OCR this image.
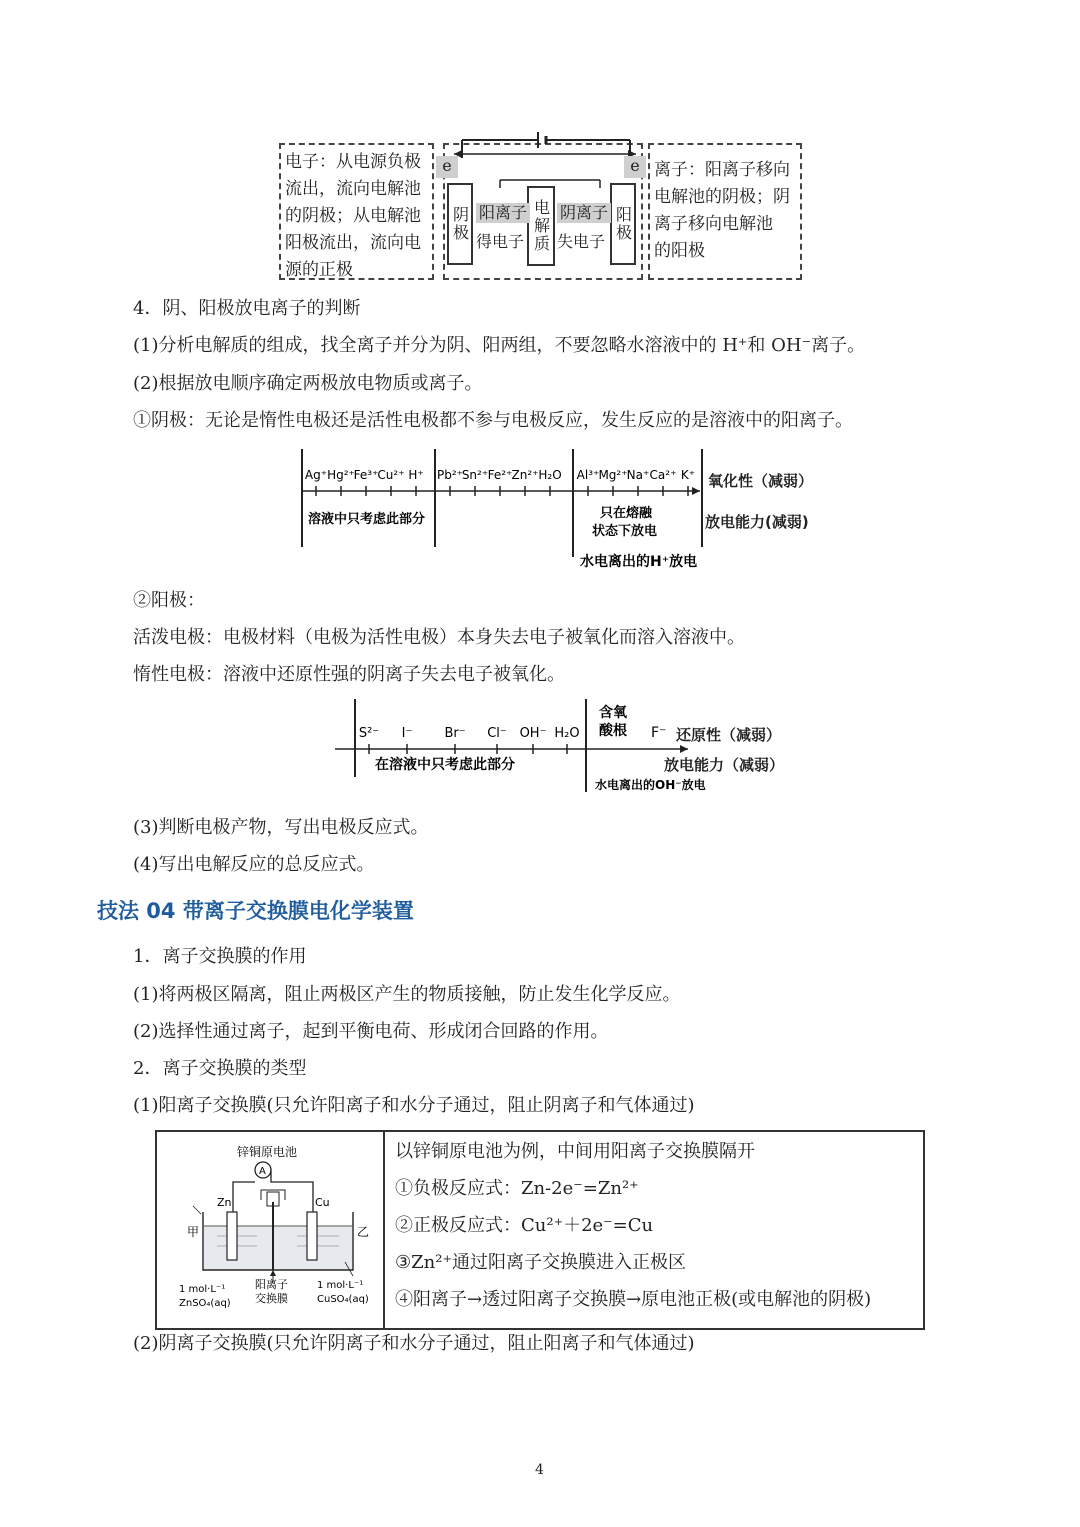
电子：从电源负极
流出，流向电解池
的阴极；从电解池
阳极流出，流向电
源的正极
离子：阳离子移向
电解池的阴极；阴
离子移向电解池
的阳极
e	e
阴极	电解质	阳极
阳离子 阴离子
得电子 失电子
4．阴、阳极放电离子的判断
(1)分析电解质的组成，找全离子并分为阴、阳两组，不要忽略水溶液中的 H⁺和 OH⁻离子。
(2)根据放电顺序确定两极放电物质或离子。
①阴极：无论是惰性电极还是活性电极都不参与电极反应，发生反应的是溶液中的阳离子。
Ag⁺ Hg²⁺
Fe³⁺ Cu²⁺ H⁺ Pb²⁺
Sn²⁺ Fe²⁺ Zn²⁺ H₂O Al³⁺ Mg²⁺ Na⁺ Ca²⁺ K⁺
溶液中只考虑此部分	只在熔融
状态下放电
水电离出的H⁺放电
氧化性（减弱）
放电能力(减弱)
②阳极：
活泼电极：电极材料（电极为活性电极）本身失去电子被氧化而溶入溶液中。
惰性电极：溶液中还原性强的阴离子失去电子被氧化。
S²⁻ I⁻ Br⁻ Cl⁻ OH⁻ H₂O
含氧
酸根 F⁻
在溶液中只考虑此部分
水电离出的OH⁻放电
还原性（减弱）
放电能力（减弱）
(3)判断电极产物，写出电极反应式。
(4)写出电解反应的总反应式。
技法 04 带离子交换膜电化学装置
1．离子交换膜的作用
(1)将两极区隔离，阻止两极区产生的物质接触，防止发生化学反应。
(2)选择性通过离子，起到平衡电荷、形成闭合回路的作用。
2．离子交换膜的类型
(1)阳离子交换膜(只允许阳离子和水分子通过，阻止阴离子和气体通过)
锌铜原电池
A
Zn	Cu
甲	乙
阳离子
交换膜
1 mol·L⁻¹
ZnSO₄(aq)
1 mol·L⁻¹
CuSO₄(aq)
以锌铜原电池为例，中间用阳离子交换膜隔开
①负极反应式：Zn-2e⁻=Zn²⁺
②正极反应式：Cu²⁺＋2e⁻=Cu
③Zn²⁺通过阳离子交换膜进入正极区
④阳离子→透过阳离子交换膜→原电池正极(或电解池的阴极)
(2)阴离子交换膜(只允许阴离子和水分子通过，阻止阳离子和气体通过)
4
